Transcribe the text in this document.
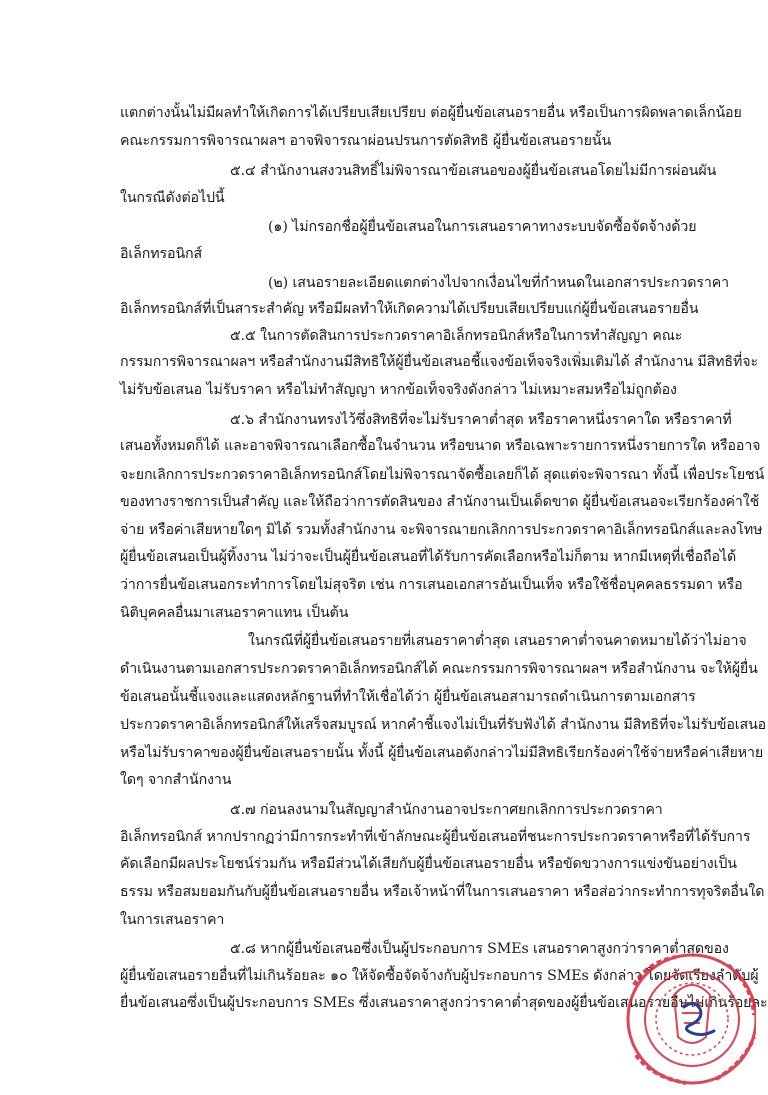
แตกต่างนั้นไม่มีผลทำให้เกิดการได้เปรียบเสียเปรียบ ต่อผู้ยื่นข้อเสนอรายอื่น หรือเป็นการผิดพลาดเล็กน้อย
คณะกรรมการพิจารณาผลฯ อาจพิจารณาผ่อนปรนการตัดสิทธิ ผู้ยื่นข้อเสนอรายนั้น
๕.๔ สำนักงานสงวนสิทธิ์ไม่พิจารณาข้อเสนอของผู้ยื่นข้อเสนอโดยไม่มีการผ่อนผัน
ในกรณีดังต่อไปนี้
(๑) ไม่กรอกชื่อผู้ยื่นข้อเสนอในการเสนอราคาทางระบบจัดซื้อจัดจ้างด้วย
อิเล็กทรอนิกส์
(๒) เสนอรายละเอียดแตกต่างไปจากเงื่อนไขที่กำหนดในเอกสารประกวดราคา
อิเล็กทรอนิกส์ที่เป็นสาระสำคัญ หรือมีผลทำให้เกิดความได้เปรียบเสียเปรียบแก่ผู้ยื่นข้อเสนอรายอื่น
๕.๕ ในการตัดสินการประกวดราคาอิเล็กทรอนิกส์หรือในการทำสัญญา คณะ
กรรมการพิจารณาผลฯ หรือสำนักงานมีสิทธิให้ผู้ยื่นข้อเสนอชี้แจงข้อเท็จจริงเพิ่มเติมได้ สำนักงาน มีสิทธิที่จะ
ไม่รับข้อเสนอ ไม่รับราคา หรือไม่ทำสัญญา หากข้อเท็จจริงดังกล่าว ไม่เหมาะสมหรือไม่ถูกต้อง
๕.๖ สำนักงานทรงไว้ซึ่งสิทธิที่จะไม่รับราคาต่ำสุด หรือราคาหนึ่งราคาใด หรือราคาที่
เสนอทั้งหมดก็ได้ และอาจพิจารณาเลือกซื้อในจำนวน หรือขนาด หรือเฉพาะรายการหนึ่งรายการใด หรืออาจ
จะยกเลิกการประกวดราคาอิเล็กทรอนิกส์โดยไม่พิจารณาจัดซื้อเลยก็ได้ สุดแต่จะพิจารณา ทั้งนี้ เพื่อประโยชน์
ของทางราชการเป็นสำคัญ และให้ถือว่าการตัดสินของ สำนักงานเป็นเด็ดขาด ผู้ยื่นข้อเสนอจะเรียกร้องค่าใช้
จ่าย หรือค่าเสียหายใดๆ มิได้ รวมทั้งสำนักงาน จะพิจารณายกเลิกการประกวดราคาอิเล็กทรอนิกส์และลงโทษ
ผู้ยื่นข้อเสนอเป็นผู้ทิ้งงาน ไม่ว่าจะเป็นผู้ยื่นข้อเสนอที่ได้รับการคัดเลือกหรือไม่ก็ตาม หากมีเหตุที่เชื่อถือได้
ว่าการยื่นข้อเสนอกระทำการโดยไม่สุจริต เช่น การเสนอเอกสารอันเป็นเท็จ หรือใช้ชื่อบุคคลธรรมดา หรือ
นิติบุคคลอื่นมาเสนอราคาแทน เป็นต้น
ในกรณีที่ผู้ยื่นข้อเสนอรายที่เสนอราคาต่ำสุด เสนอราคาต่ำจนคาดหมายได้ว่าไม่อาจ
ดำเนินงานตามเอกสารประกวดราคาอิเล็กทรอนิกส์ได้ คณะกรรมการพิจารณาผลฯ หรือสำนักงาน จะให้ผู้ยื่น
ข้อเสนอนั้นชี้แจงและแสดงหลักฐานที่ทำให้เชื่อได้ว่า ผู้ยื่นข้อเสนอสามารถดำเนินการตามเอกสาร
ประกวดราคาอิเล็กทรอนิกส์ให้เสร็จสมบูรณ์ หากคำชี้แจงไม่เป็นที่รับฟังได้ สำนักงาน มีสิทธิที่จะไม่รับข้อเสนอ
หรือไม่รับราคาของผู้ยื่นข้อเสนอรายนั้น ทั้งนี้ ผู้ยื่นข้อเสนอดังกล่าวไม่มีสิทธิเรียกร้องค่าใช้จ่ายหรือค่าเสียหาย
ใดๆ จากสำนักงาน
๕.๗ ก่อนลงนามในสัญญาสำนักงานอาจประกาศยกเลิกการประกวดราคา
อิเล็กทรอนิกส์ หากปรากฏว่ามีการกระทำที่เข้าลักษณะผู้ยื่นข้อเสนอที่ชนะการประกวดราคาหรือที่ได้รับการ
คัดเลือกมีผลประโยชน์ร่วมกัน หรือมีส่วนได้เสียกับผู้ยื่นข้อเสนอรายอื่น หรือขัดขวางการแข่งขันอย่างเป็น
ธรรม หรือสมยอมกันกับผู้ยื่นข้อเสนอรายอื่น หรือเจ้าหน้าที่ในการเสนอราคา หรือส่อว่ากระทำการทุจริตอื่นใด
ในการเสนอราคา
๕.๘ หากผู้ยื่นข้อเสนอซึ่งเป็นผู้ประกอบการ SMEs เสนอราคาสูงกว่าราคาต่ำสุดของ
ผู้ยื่นข้อเสนอรายอื่นที่ไม่เกินร้อยละ ๑๐ ให้จัดซื้อจัดจ้างกับผู้ประกอบการ SMEs ดังกล่าว โดยจัดเรียงลำดับผู้
ยื่นข้อเสนอซึ่งเป็นผู้ประกอบการ SMEs ซึ่งเสนอราคาสูงกว่าราคาต่ำสุดของผู้ยื่นข้อเสนอรายอื่นไม่เกินร้อยละ
